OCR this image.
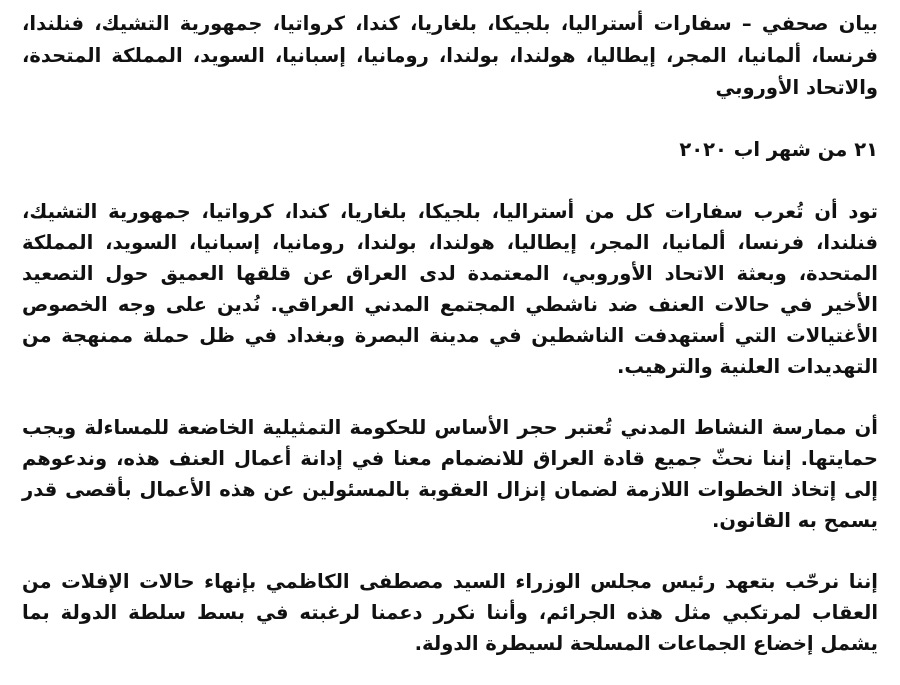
بيان صحفي – سفارات أستراليا، بلجيكا، بلغاريا، كندا، كرواتيا، جمهورية التشيك، فنلندا، فرنسا، ألمانيا، المجر، إيطاليا، هولندا، بولندا، رومانيا، إسبانيا، السويد، المملكة المتحدة، والاتحاد الأوروبي

٢١ من شهر اب ٢٠٢٠

تود أن تُعرب سفارات كل من أستراليا، بلجيكا، بلغاريا، كندا، كرواتيا، جمهورية التشيك، فنلندا، فرنسا، ألمانيا، المجر، إيطاليا، هولندا، بولندا، رومانيا، إسبانيا، السويد، المملكة المتحدة، وبعثة الاتحاد الأوروبي، المعتمدة لدى العراق عن قلقها العميق حول التصعيد الأخير في حالات العنف ضد ناشطي المجتمع المدني العراقي. نُدين على وجه الخصوص الأغتيالات التي أستهدفت الناشطين في مدينة البصرة وبغداد في ظل حملة ممنهجة من التهديدات العلنية والترهيب.

أن ممارسة النشاط المدني تُعتبر حجر الأساس للحكومة التمثيلية الخاضعة للمساءلة ويجب حمايتها. إننا نحثّ جميع قادة العراق للانضمام معنا في إدانة أعمال العنف هذه، وندعوهم إلى إتخاذ الخطوات اللازمة لضمان إنزال العقوبة بالمسئولين عن هذه الأعمال بأقصى قدر يسمح به القانون.

إننا نرحّب بتعهد رئيس مجلس الوزراء السيد مصطفى الكاظمي بإنهاء حالات الإفلات من العقاب لمرتكبي مثل هذه الجرائم، وأننا نكرر دعمنا لرغبته في بسط سلطة الدولة بما يشمل إخضاع الجماعات المسلحة لسيطرة الدولة.
